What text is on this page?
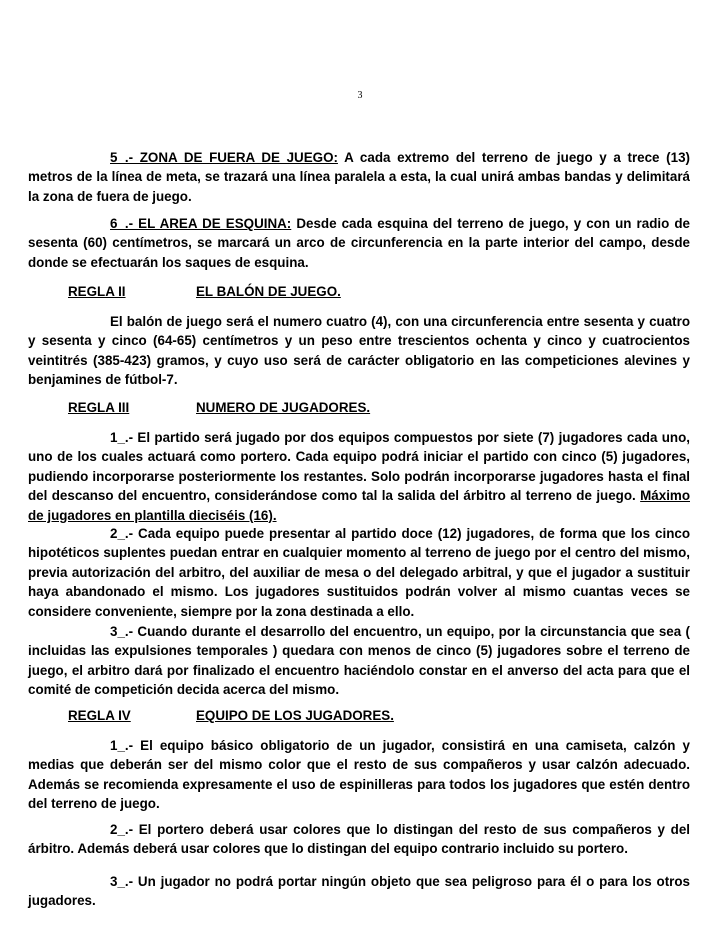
3

5_.- ZONA DE FUERA DE JUEGO: A cada extremo del terreno de juego y a trece (13) metros de la línea de meta, se trazará una línea paralela a esta, la cual unirá ambas bandas y delimitará la zona de fuera de juego.

6_.- EL AREA DE ESQUINA: Desde cada esquina del terreno de juego, y con un radio de sesenta (60) centímetros, se marcará un arco de circunferencia en la parte interior del campo, desde donde se efectuarán los saques de esquina.

REGLA II	EL BALÓN DE JUEGO.

El balón de juego será el numero cuatro (4), con una circunferencia entre sesenta y cuatro y sesenta y cinco (64-65) centímetros y un peso entre trescientos ochenta y cinco y cuatrocientos veintitrés (385-423) gramos, y cuyo uso será de carácter obligatorio en las competiciones alevines y benjamines de fútbol-7.

REGLA III	NUMERO DE JUGADORES.

1_.- El partido será jugado por dos equipos compuestos por siete (7) jugadores cada uno, uno de los cuales actuará como portero. Cada equipo podrá iniciar el partido con cinco (5) jugadores, pudiendo incorporarse posteriormente los restantes. Solo podrán incorporarse jugadores hasta el final del descanso del encuentro, considerándose como tal la salida del árbitro al terreno de juego. Máximo de jugadores en plantilla dieciséis (16).

2_.- Cada equipo puede presentar al partido doce (12) jugadores, de forma que los cinco hipotéticos suplentes puedan entrar en cualquier momento al terreno de juego por el centro del mismo, previa autorización del arbitro, del auxiliar de mesa o del delegado arbitral, y que el jugador a sustituir haya abandonado el mismo. Los jugadores sustituidos podrán volver al mismo cuantas veces se considere conveniente, siempre por la zona destinada a ello.

3_.- Cuando durante el desarrollo del encuentro, un equipo, por la circunstancia que sea ( incluidas las expulsiones temporales ) quedara con menos de cinco (5) jugadores sobre el terreno de juego, el arbitro dará por finalizado el encuentro haciéndolo constar en el anverso del acta para que el comité de competición decida acerca del mismo.

REGLA IV	EQUIPO DE LOS JUGADORES.

1_.- El equipo básico obligatorio de un jugador, consistirá en una camiseta, calzón y medias que deberán ser del mismo color que el resto de sus compañeros y usar calzón adecuado. Además se recomienda expresamente el uso de espinilleras para todos los jugadores que estén dentro del terreno de juego.

2_.- El portero deberá usar colores que lo distingan del resto de sus compañeros y del árbitro. Además deberá usar colores que lo distingan del equipo contrario incluido su portero.

3_.- Un jugador no podrá portar ningún objeto que sea peligroso para él o para los otros jugadores.
